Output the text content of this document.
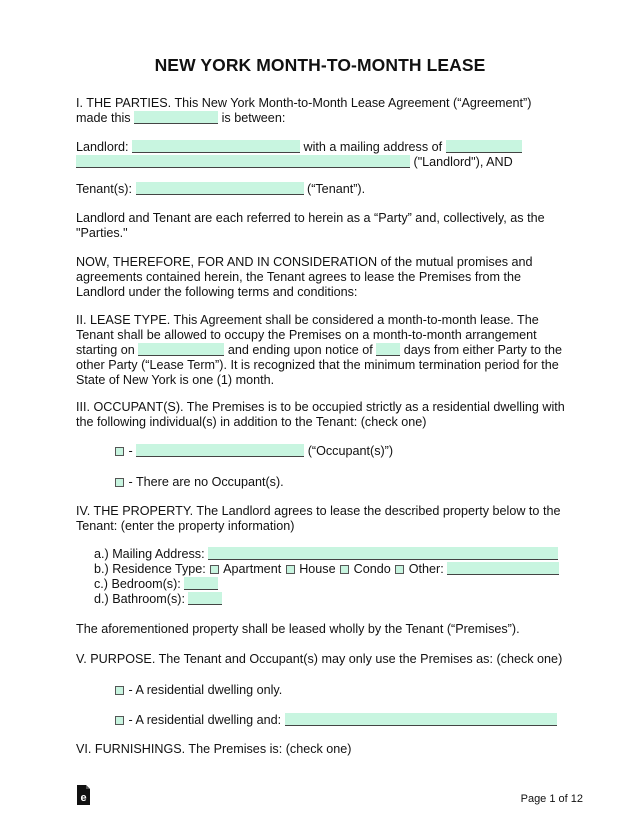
NEW YORK MONTH-TO-MONTH LEASE
I. THE PARTIES. This New York Month-to-Month Lease Agreement (“Agreement”)
made this	is between:
Landlord:	with a mailing address of
("Landlord"), AND
Tenant(s):	(“Tenant”).
Landlord and Tenant are each referred to herein as a “Party” and, collectively, as the
"Parties."
NOW, THEREFORE, FOR AND IN CONSIDERATION of the mutual promises and
agreements contained herein, the Tenant agrees to lease the Premises from the
Landlord under the following terms and conditions:
II. LEASE TYPE. This Agreement shall be considered a month-to-month lease. The
Tenant shall be allowed to occupy the Premises on a month-to-month arrangement
starting on	and ending upon notice of days from either Party to the
other Party (“Lease Term”). It is recognized that the minimum termination period for the
State of New York is one (1) month.
III. OCCUPANT(S). The Premises is to be occupied strictly as a residential dwelling with
the following individual(s) in addition to the Tenant: (check one)
-	(“Occupant(s)”)
- There are no Occupant(s).
IV. THE PROPERTY. The Landlord agrees to lease the described property below to the
Tenant: (enter the property information)
a.) Mailing Address:
b.) Residence Type: Apartment House Condo Other:
c.) Bedroom(s):
d.) Bathroom(s):
The aforementioned property shall be leased wholly by the Tenant (“Premises”).
V. PURPOSE. The Tenant and Occupant(s) may only use the Premises as: (check one)
- A residential dwelling only.
- A residential dwelling and:
VI. FURNISHINGS. The Premises is: (check one)
e	Page 1 of 12
